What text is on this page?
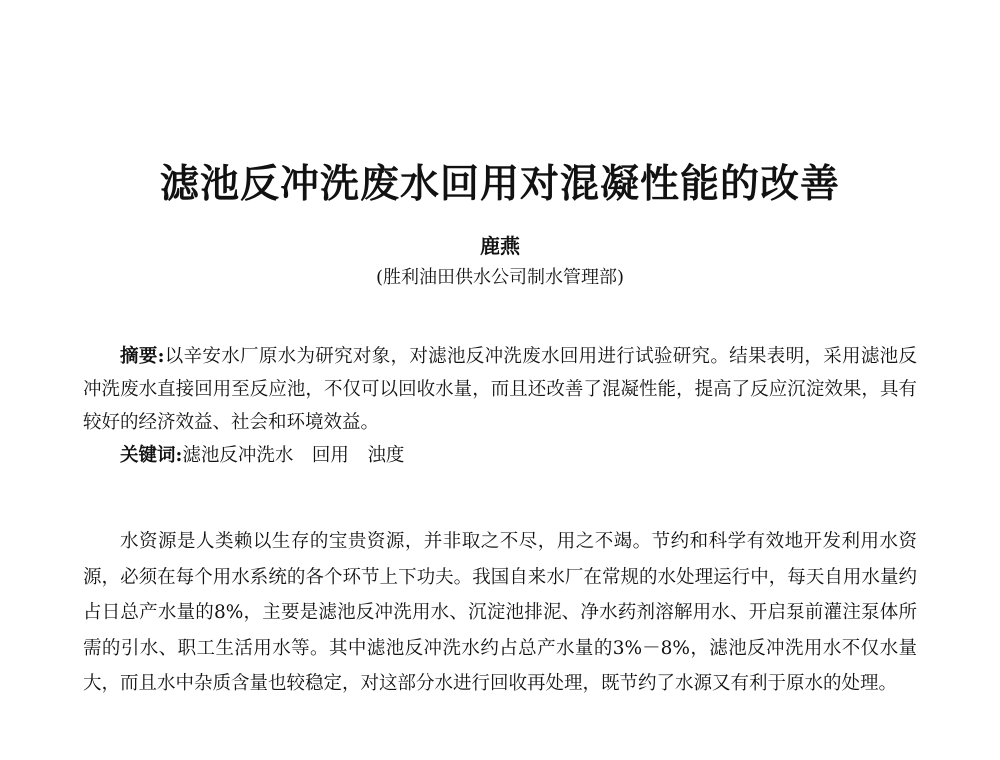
滤池反冲洗废水回用对混凝性能的改善
鹿燕
(胜利油田供水公司制水管理部)

摘要:以辛安水厂原水为研究对象，对滤池反冲洗废水回用进行试验研究。结果表明，采用滤池反冲洗废水直接回用至反应池，不仅可以回收水量，而且还改善了混凝性能，提高了反应沉淀效果，具有较好的经济效益、社会和环境效益。

关键词:滤池反冲洗水 回用 浊度

水资源是人类赖以生存的宝贵资源，并非取之不尽，用之不竭。节约和科学有效地开发利用水资源，必须在每个用水系统的各个环节上下功夫。我国自来水厂在常规的水处理运行中，每天自用水量约占日总产水量的8%，主要是滤池反冲洗用水、沉淀池排泥、净水药剂溶解用水、开启泵前灌注泵体所需的引水、职工生活用水等。其中滤池反冲洗水约占总产水量的3%－8%，滤池反冲洗用水不仅水量大，而且水中杂质含量也较稳定，对这部分水进行回收再处理，既节约了水源又有利于原水的处理。
